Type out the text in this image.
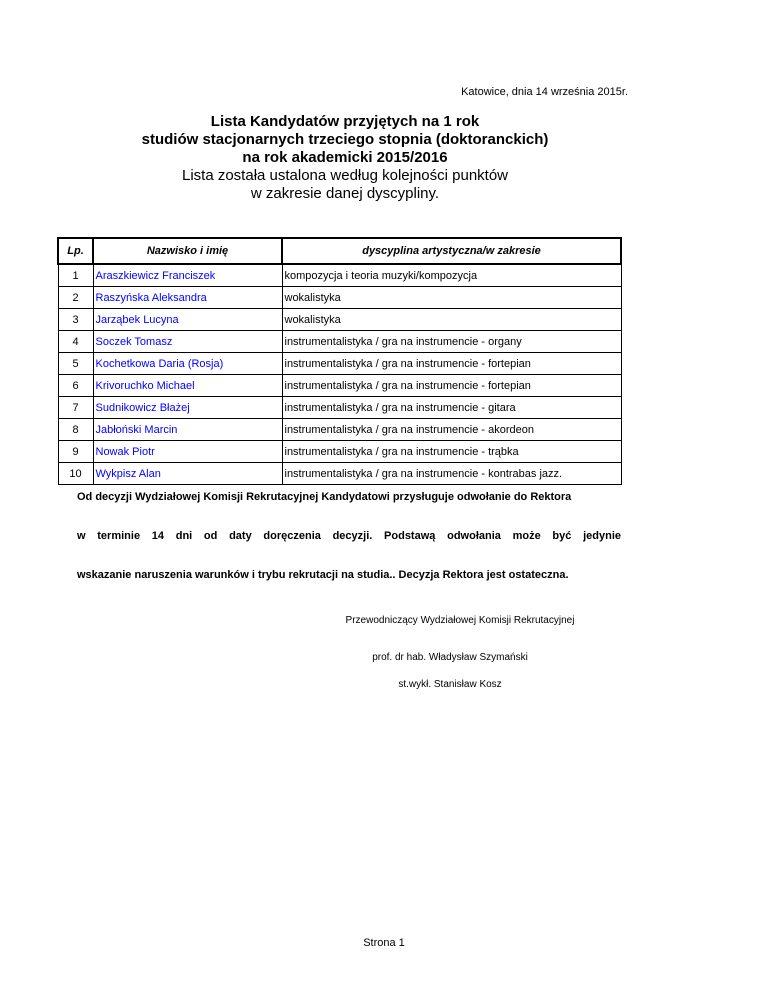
Katowice, dnia 14 września 2015r.
Lista Kandydatów przyjętych na 1 rok
studiów stacjonarnych trzeciego stopnia (doktoranckich)
na rok akademicki 2015/2016
Lista została ustalona według kolejności punktów
w zakresie danej dyscypliny.
Lp.	Nazwisko i imię	dyscyplina artystyczna/w zakresie
1	Araszkiewicz Franciszek	kompozycja i teoria muzyki/kompozycja
2	Raszyńska Aleksandra	wokalistyka
3	Jarząbek Lucyna	wokalistyka
4	Soczek Tomasz	instrumentalistyka / gra na instrumencie - organy
5	Kochetkowa Daria (Rosja)	instrumentalistyka / gra na instrumencie - fortepian
6	Krivoruchko Michael	instrumentalistyka / gra na instrumencie - fortepian
7	Sudnikowicz Błażej	instrumentalistyka / gra na instrumencie - gitara
8	Jabłoński Marcin	instrumentalistyka / gra na instrumencie - akordeon
9	Nowak Piotr	instrumentalistyka / gra na instrumencie - trąbka
10	Wykpisz Alan	instrumentalistyka / gra na instrumencie - kontrabas jazz.
Od decyzji Wydziałowej Komisji Rekrutacyjnej Kandydatowi przysługuje odwołanie do Rektora
w terminie 14 dni od daty doręczenia decyzji. Podstawą odwołania może być jedynie
wskazanie naruszenia warunków i trybu rekrutacji na studia.. Decyzja Rektora jest ostateczna.
Przewodniczący Wydziałowej Komisji Rekrutacyjnej
prof. dr hab. Władysław Szymański
st.wykł. Stanisław Kosz
Strona 1
